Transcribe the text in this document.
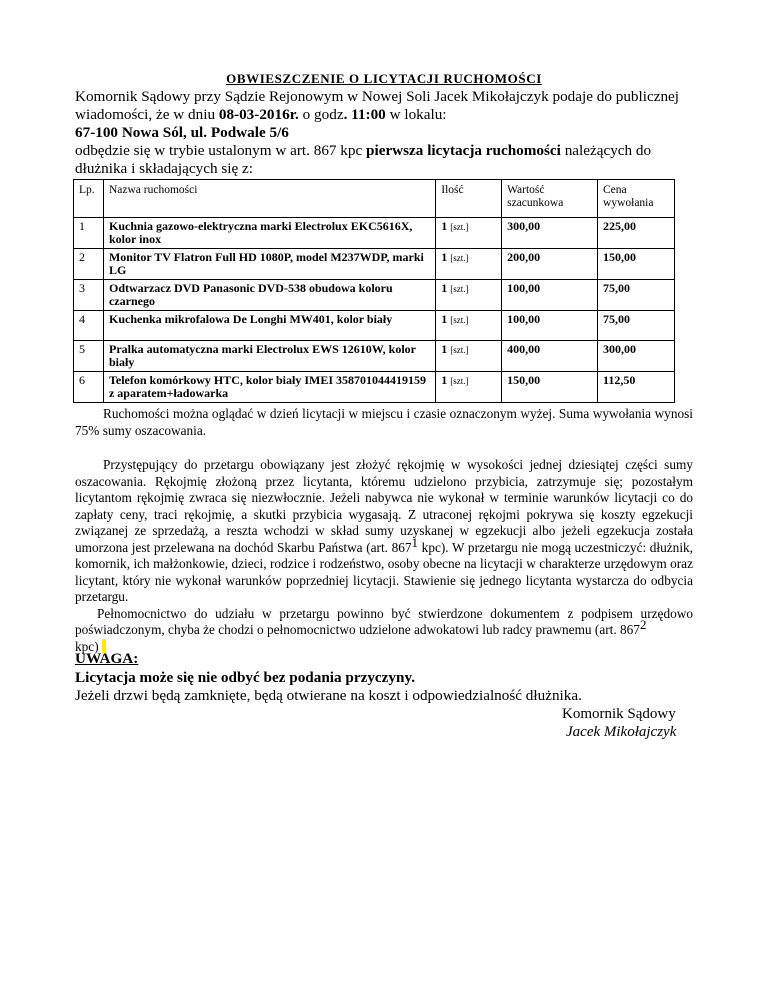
OBWIESZCZENIE O LICYTACJI RUCHOMOŚCI
Komornik Sądowy przy Sądzie Rejonowym w Nowej Soli Jacek Mikołajczyk podaje do publicznej wiadomości, że w dniu 08-03-2016r. o godz. 11:00 w lokalu:
67-100 Nowa Sól, ul. Podwale 5/6
odbędzie się w trybie ustalonym w art. 867 kpc pierwsza licytacja ruchomości należących do dłużnika i składających się z:
Lp.	Nazwa ruchomości	Ilość	Wartość szacunkowa	Cena wywołania
1	Kuchnia gazowo-elektryczna marki Electrolux EKC5616X, kolor inox	1 [szt.]	300,00	225,00
2	Monitor TV Flatron Full HD 1080P, model M237WDP, marki LG	1 [szt.]	200,00	150,00
3	Odtwarzacz DVD Panasonic DVD-538 obudowa koloru czarnego	1 [szt.]	100,00	75,00
4	Kuchenka mikrofalowa De Longhi MW401, kolor biały	1 [szt.]	100,00	75,00
5	Pralka automatyczna marki Electrolux EWS 12610W, kolor biały	1 [szt.]	400,00	300,00
6	Telefon komórkowy HTC, kolor biały IMEI 358701044419159 z aparatem+ładowarka	1 [szt.]	150,00	112,50
Ruchomości można oglądać w dzień licytacji w miejscu i czasie oznaczonym wyżej. Suma wywołania wynosi 75% sumy oszacowania.

Przystępujący do przetargu obowiązany jest złożyć rękojmię w wysokości jednej dziesiątej części sumy oszacowania. Rękojmię złożoną przez licytanta, któremu udzielono przybicia, zatrzymuje się; pozostałym licytantom rękojmię zwraca się niezwłocznie. Jeżeli nabywca nie wykonał w terminie warunków licytacji co do zapłaty ceny, traci rękojmię, a skutki przybicia wygasają. Z utraconej rękojmi pokrywa się koszty egzekucji związanej ze sprzedażą, a reszta wchodzi w skład sumy uzyskanej w egzekucji albo jeżeli egzekucja została umorzona jest przelewana na dochód Skarbu Państwa (art. $867^1$ kpc). W przetargu nie mogą uczestniczyć: dłużnik, komornik, ich małżonkowie, dzieci, rodzice i rodzeństwo, osoby obecne na licytacji w charakterze urzędowym oraz licytant, który nie wykonał warunków poprzedniej licytacji. Stawienie się jednego licytanta wystarcza do odbycia przetargu.

Pełnomocnictwo do udziału w przetargu powinno być stwierdzone dokumentem z podpisem urzędowo poświadczonym, chyba że chodzi o pełnomocnictwo udzielone adwokatowi lub radcy prawnemu (art. $867^2$
kpc)

UWAGA:
Licytacja może się nie odbyć bez podania przyczyny.
Jeżeli drzwi będą zamknięte, będą otwierane na koszt i odpowiedzialność dłużnika.
Komornik Sądowy
Jacek Mikołajczyk
